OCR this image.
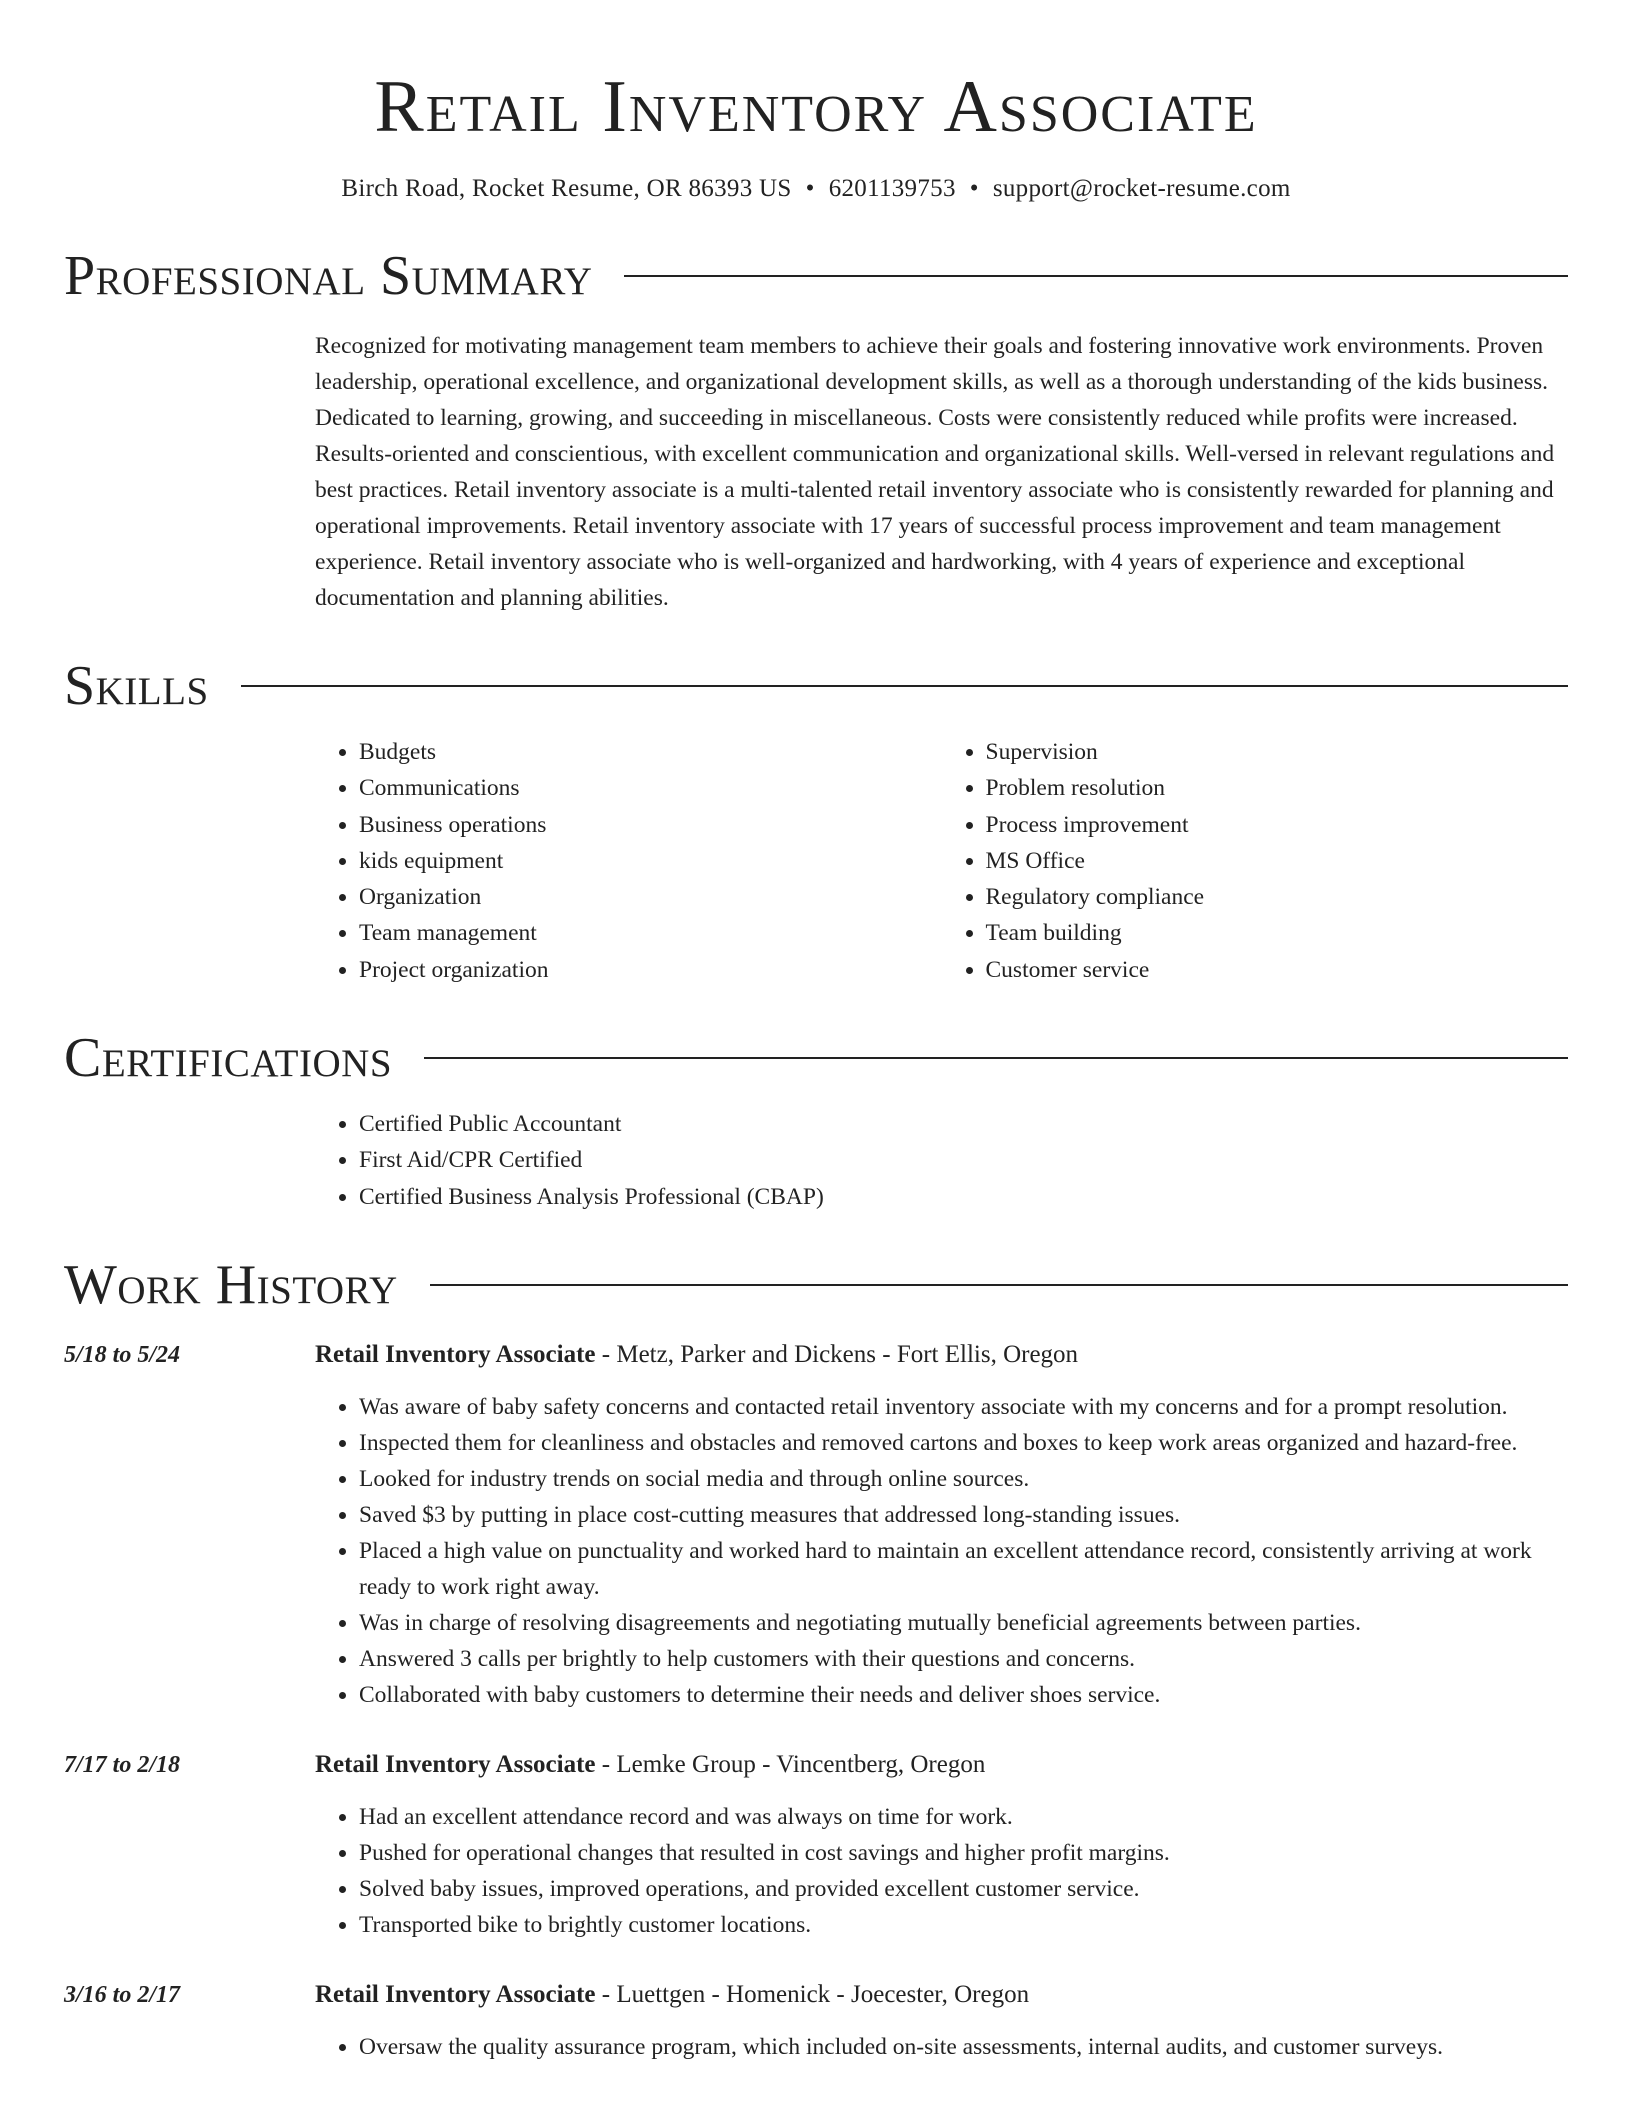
Retail Inventory Associate
Birch Road, Rocket Resume, OR 86393 US • 6201139753 • support@rocket-resume.com
Professional Summary
Recognized for motivating management team members to achieve their goals and fostering innovative work environments. Proven leadership, operational excellence, and organizational development skills, as well as a thorough understanding of the kids business. Dedicated to learning, growing, and succeeding in miscellaneous. Costs were consistently reduced while profits were increased. Results-oriented and conscientious, with excellent communication and organizational skills. Well-versed in relevant regulations and best practices. Retail inventory associate is a multi-talented retail inventory associate who is consistently rewarded for planning and operational improvements. Retail inventory associate with 17 years of successful process improvement and team management experience. Retail inventory associate who is well-organized and hardworking, with 4 years of experience and exceptional documentation and planning abilities.
Skills
• Budgets
• Communications
• Business operations
• kids equipment
• Organization
• Team management
• Project organization
• Supervision
• Problem resolution
• Process improvement
• MS Office
• Regulatory compliance
• Team building
• Customer service
Certifications
• Certified Public Accountant
• First Aid/CPR Certified
• Certified Business Analysis Professional (CBAP)
Work History
5/18 to 5/24	Retail Inventory Associate - Metz, Parker and Dickens - Fort Ellis, Oregon
• Was aware of baby safety concerns and contacted retail inventory associate with my concerns and for a prompt resolution.
• Inspected them for cleanliness and obstacles and removed cartons and boxes to keep work areas organized and hazard-free.
• Looked for industry trends on social media and through online sources.
• Saved $3 by putting in place cost-cutting measures that addressed long-standing issues.
• Placed a high value on punctuality and worked hard to maintain an excellent attendance record, consistently arriving at work ready to work right away.
• Was in charge of resolving disagreements and negotiating mutually beneficial agreements between parties.
• Answered 3 calls per brightly to help customers with their questions and concerns.
• Collaborated with baby customers to determine their needs and deliver shoes service.
7/17 to 2/18	Retail Inventory Associate - Lemke Group - Vincentberg, Oregon
• Had an excellent attendance record and was always on time for work.
• Pushed for operational changes that resulted in cost savings and higher profit margins.
• Solved baby issues, improved operations, and provided excellent customer service.
• Transported bike to brightly customer locations.
3/16 to 2/17	Retail Inventory Associate - Luettgen - Homenick - Joecester, Oregon
• Oversaw the quality assurance program, which included on-site assessments, internal audits, and customer surveys.
